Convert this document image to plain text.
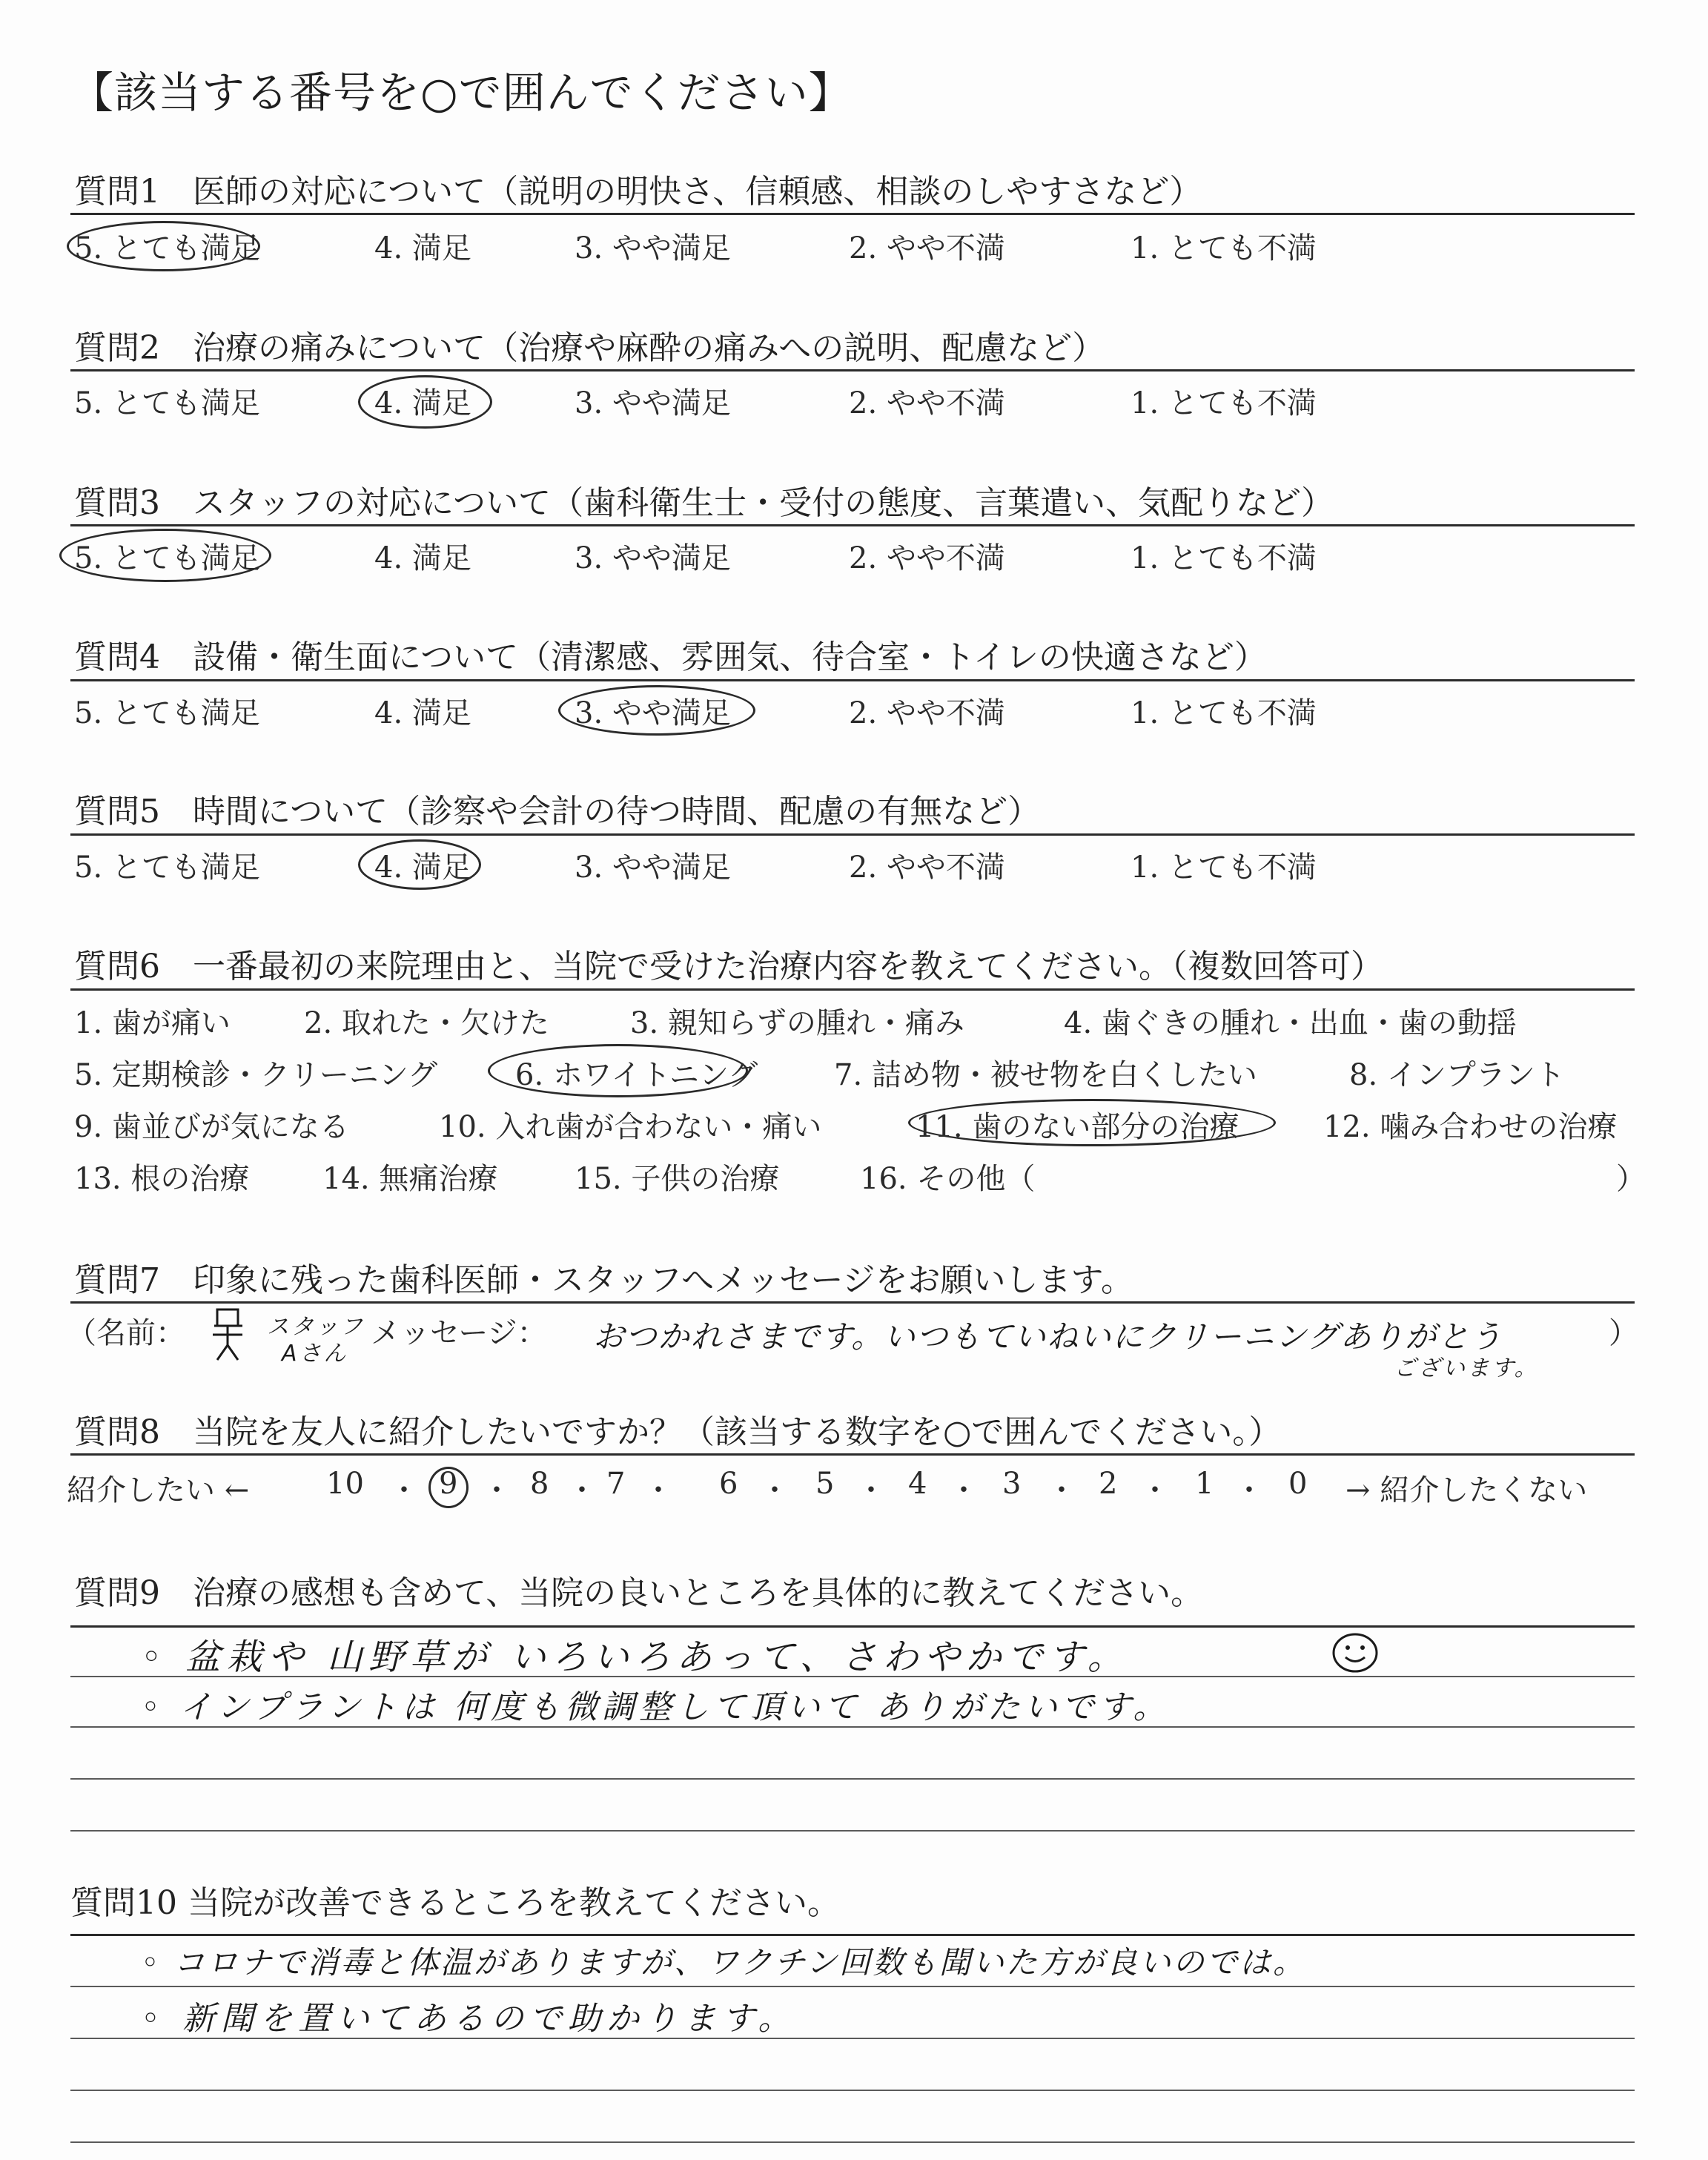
【該当する番号を○で囲んでください】
質問1　医師の対応について（説明の明快さ、信頼感、相談のしやすさなど）
5. とても満足	4. 満足	3. やや満足	2. やや不満	1. とても不満
質問2　治療の痛みについて（治療や麻酔の痛みへの説明、配慮など）
5. とても満足	4. 満足	3. やや満足	2. やや不満	1. とても不満
質問3　スタッフの対応について（歯科衛生士・受付の態度、言葉遣い、気配りなど）
5. とても満足	4. 満足	3. やや満足	2. やや不満	1. とても不満
質問4　設備・衛生面について（清潔感、雰囲気、待合室・トイレの快適さなど）
5. とても満足	4. 満足	3. やや満足	2. やや不満	1. とても不満
質問5　時間について（診察や会計の待つ時間、配慮の有無など）
5. とても満足	4. 満足	3. やや満足	2. やや不満	1. とても不満
質問6　一番最初の来院理由と、当院で受けた治療内容を教えてください。（複数回答可）
1. 歯が痛い 2. 取れた・欠けた	3. 親知らずの腫れ・痛み	4. 歯ぐきの腫れ・出血・歯の動揺
5. 定期検診・クリーニング	6. ホワイトニング	7. 詰め物・被せ物を白くしたい	8. インプラント
9. 歯並びが気になる	10. 入れ歯が合わない・痛い	11. 歯のない部分の治療	12. 噛み合わせの治療
13. 根の治療 14. 無痛治療	15. 子供の治療	16. その他（	）
質問7　印象に残った歯科医師・スタッフへメッセージをお願いします。
（名前：	スタッフ
Aさん
メッセージ： おつかれさまです。いつもていねいにクリーニングありがとう
ございます。
）
質問8　当院を友人に紹介したいですか？（該当する数字を○で囲んでください。）
紹介したい ←	10 ・ 9 ・ 8 ・ 7 ・ 6 ・ 5 ・ 4 ・ 3 ・ 2 ・ 1 ・ 0 → 紹介したくない
質問9　治療の感想も含めて、当院の良いところを具体的に教えてください。
◦ 盆栽や 山野草が いろいろあって、さわやかです。
◦ インプラントは 何度も微調整して頂いて ありがたいです。
質問10 当院が改善できるところを教えてください。
◦ コロナで消毒と体温がありますが、ワクチン回数も聞いた方が良いのでは。
◦ 新聞を置いてあるので助かります。
